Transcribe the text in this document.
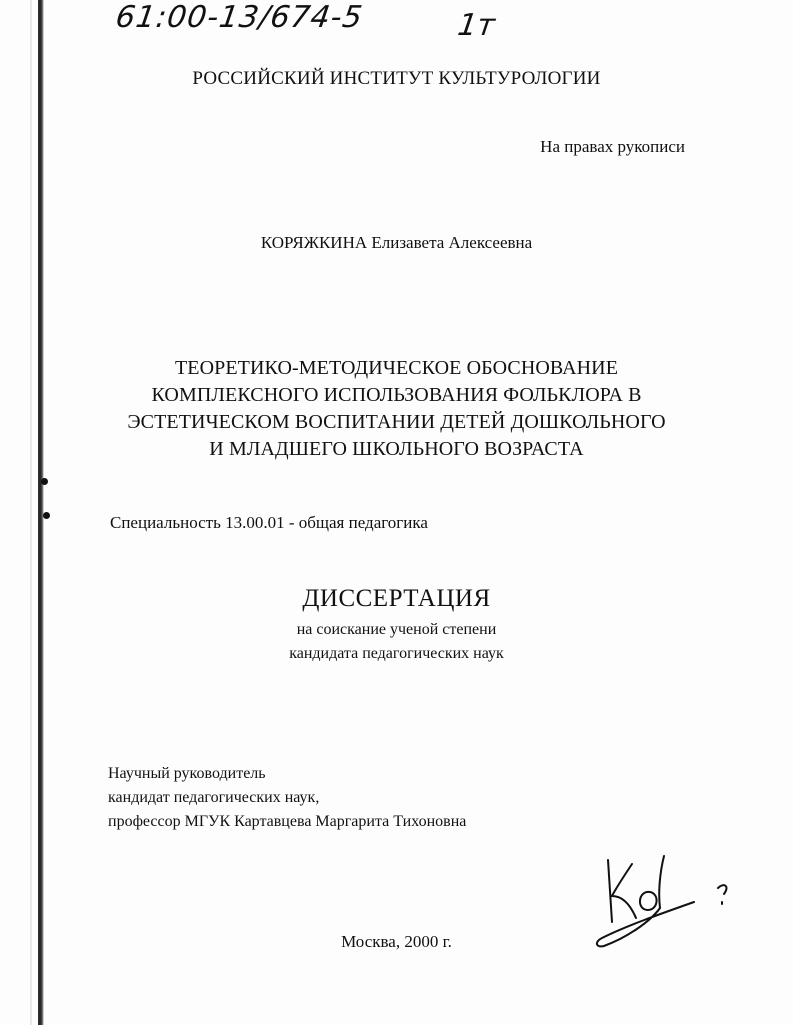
61:00-13/674-5	1т
РОССИЙСКИЙ ИНСТИТУТ КУЛЬТУРОЛОГИИ
На правах рукописи
КОРЯЖКИНА Елизавета Алексеевна
ТЕОРЕТИКО-МЕТОДИЧЕСКОЕ ОБОСНОВАНИЕ
КОМПЛЕКСНОГО ИСПОЛЬЗОВАНИЯ ФОЛЬКЛОРА В
ЭСТЕТИЧЕСКОМ ВОСПИТАНИИ ДЕТЕЙ ДОШКОЛЬНОГО
И МЛАДШЕГО ШКОЛЬНОГО ВОЗРАСТА
Специальность 13.00.01 - общая педагогика
ДИССЕРТАЦИЯ
на соискание ученой степени
кандидата педагогических наук
Научный руководитель
кандидат педагогических наук,
профессор МГУК Картавцева Маргарита Тихоновна
Москва, 2000 г.
